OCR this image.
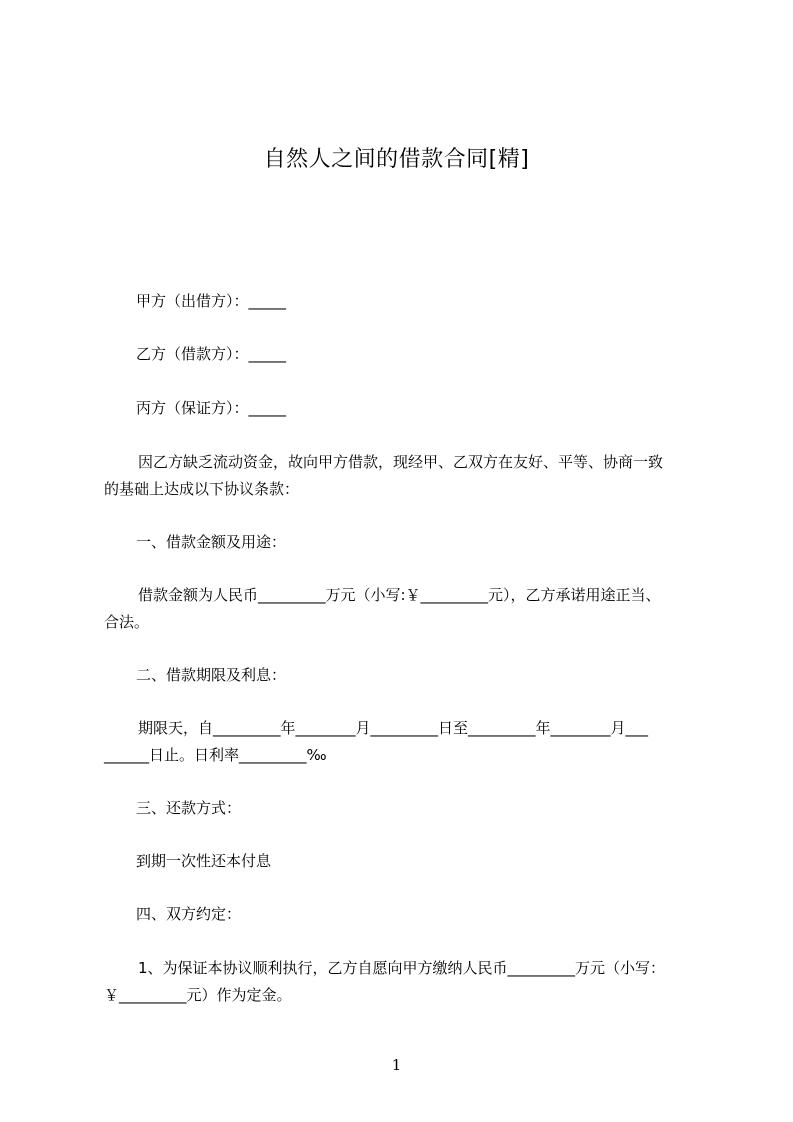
自然人之间的借款合同[精]
甲方（出借方）：_____
乙方（借款方）：_____
丙方（保证方）：_____
因乙方缺乏流动资金，故向甲方借款，现经甲、乙双方在友好、平等、协商一致
的基础上达成以下协议条款：
一、借款金额及用途：
借款金额为人民币_________万元（小写:￥_________元），乙方承诺用途正当、
合法。
二、借款期限及利息：
期限天，自_________年________月_________日至_________年________月___
______日止。日利率_________‰
三、还款方式：
到期一次性还本付息
四、双方约定：
1、为保证本协议顺利执行，乙方自愿向甲方缴纳人民币_________万元（小写：
￥_________元）作为定金。
1
